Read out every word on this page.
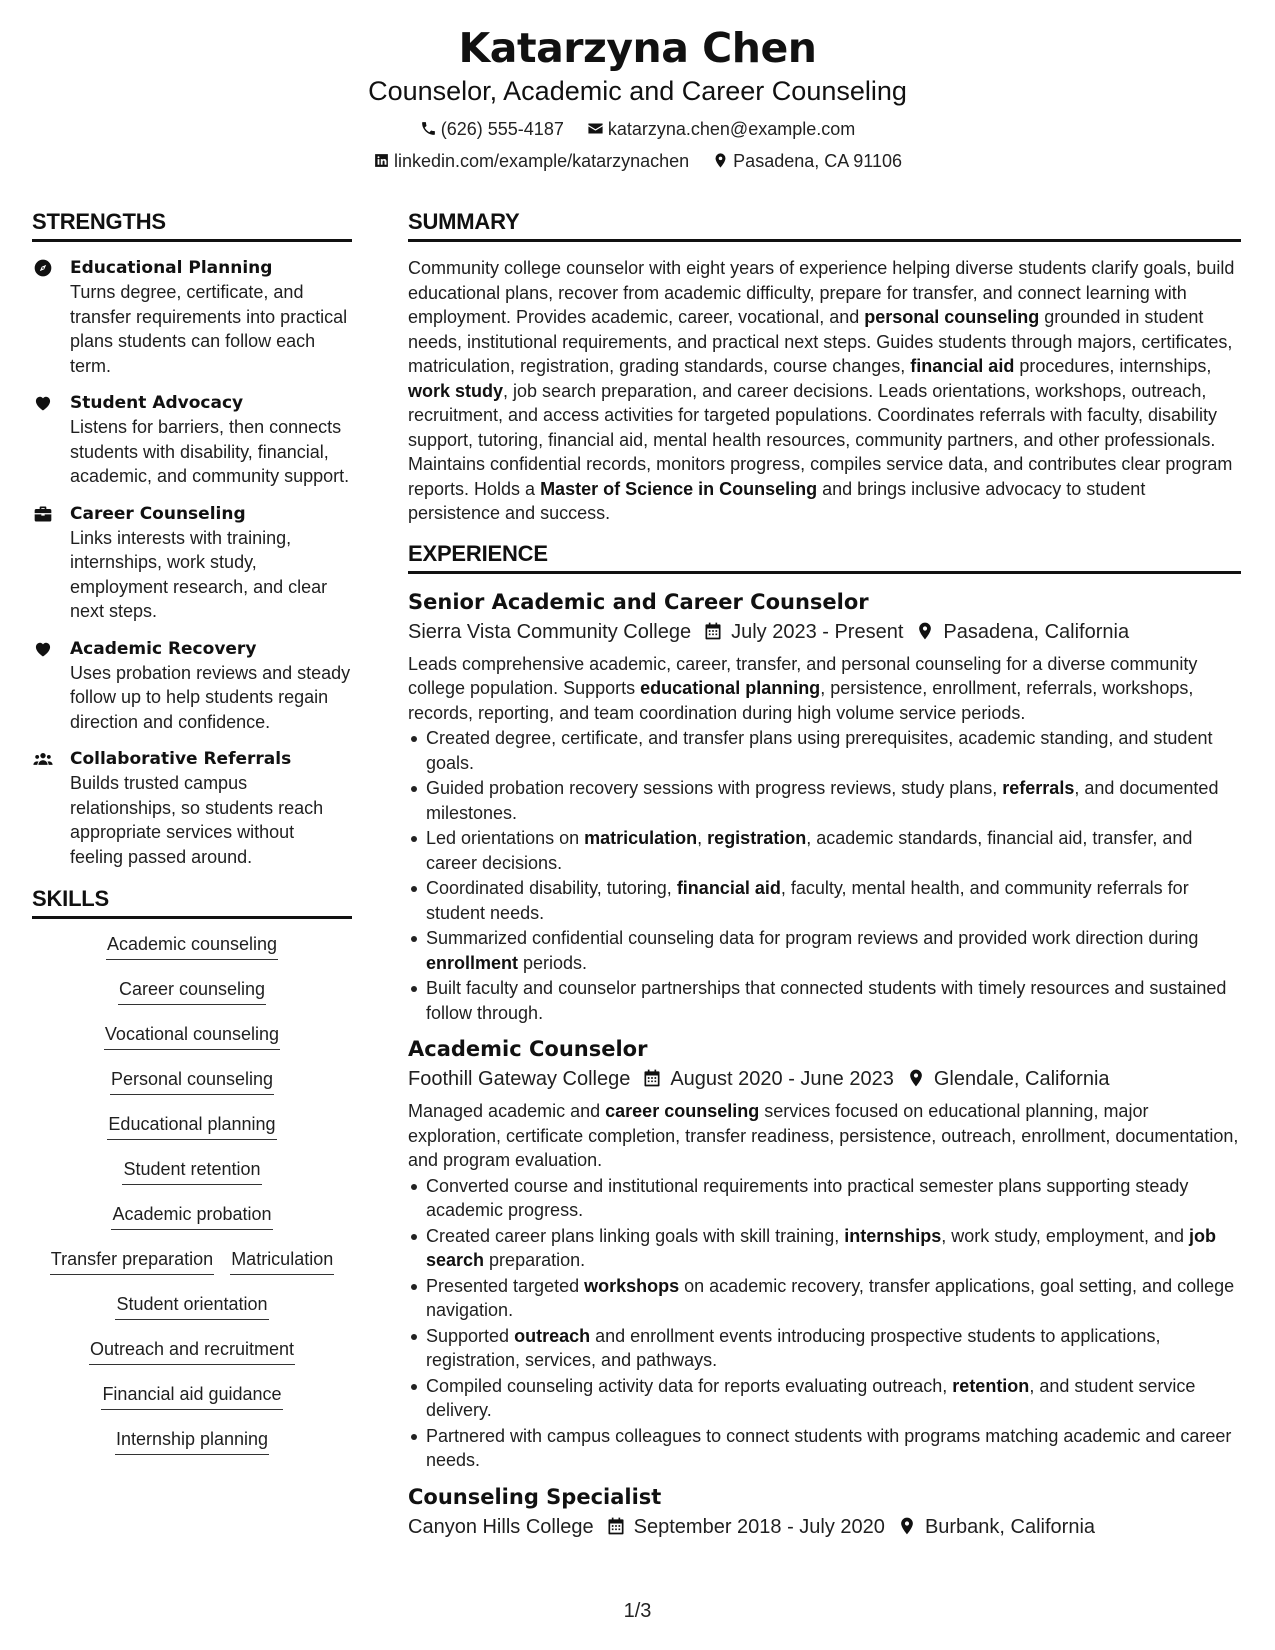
Katarzyna Chen
Counselor, Academic and Career Counseling
(626) 555-4187 katarzyna.chen@example.com
linkedin.com/example/katarzynachen Pasadena, CA 91106
STRENGTHS
Educational Planning
Turns degree, certificate, and transfer requirements into practical plans students can follow each term.
Student Advocacy
Listens for barriers, then connects students with disability, financial, academic, and community support.
Career Counseling
Links interests with training, internships, work study, employment research, and clear next steps.
Academic Recovery
Uses probation reviews and steady follow up to help students regain direction and confidence.
Collaborative Referrals
Builds trusted campus relationships, so students reach appropriate services without feeling passed around.
SKILLS
Academic counseling
Career counseling
Vocational counseling
Personal counseling
Educational planning
Student retention
Academic probation
Transfer preparation Matriculation
Student orientation
Outreach and recruitment
Financial aid guidance
Internship planning
SUMMARY
Community college counselor with eight years of experience helping diverse students clarify goals, build educational plans, recover from academic difficulty, prepare for transfer, and connect learning with employment. Provides academic, career, vocational, and personal counseling grounded in student needs, institutional requirements, and practical next steps. Guides students through majors, certificates, matriculation, registration, grading standards, course changes, financial aid procedures, internships, work study, job search preparation, and career decisions. Leads orientations, workshops, outreach, recruitment, and access activities for targeted populations. Coordinates referrals with faculty, disability support, tutoring, financial aid, mental health resources, community partners, and other professionals. Maintains confidential records, monitors progress, compiles service data, and contributes clear program reports. Holds a Master of Science in Counseling and brings inclusive advocacy to student persistence and success.
EXPERIENCE
Senior Academic and Career Counselor
Sierra Vista Community College July 2023 - Present Pasadena, California
Leads comprehensive academic, career, transfer, and personal counseling for a diverse community college population. Supports educational planning, persistence, enrollment, referrals, workshops, records, reporting, and team coordination during high volume service periods.
Created degree, certificate, and transfer plans using prerequisites, academic standing, and student goals.
Guided probation recovery sessions with progress reviews, study plans, referrals, and documented milestones.
Led orientations on matriculation, registration, academic standards, financial aid, transfer, and career decisions.
Coordinated disability, tutoring, financial aid, faculty, mental health, and community referrals for student needs.
Summarized confidential counseling data for program reviews and provided work direction during enrollment periods.
Built faculty and counselor partnerships that connected students with timely resources and sustained follow through.
Academic Counselor
Foothill Gateway College August 2020 - June 2023 Glendale, California
Managed academic and career counseling services focused on educational planning, major exploration, certificate completion, transfer readiness, persistence, outreach, enrollment, documentation, and program evaluation.
Converted course and institutional requirements into practical semester plans supporting steady academic progress.
Created career plans linking goals with skill training, internships, work study, employment, and job search preparation.
Presented targeted workshops on academic recovery, transfer applications, goal setting, and college navigation.
Supported outreach and enrollment events introducing prospective students to applications, registration, services, and pathways.
Compiled counseling activity data for reports evaluating outreach, retention, and student service delivery.
Partnered with campus colleagues to connect students with programs matching academic and career needs.
Counseling Specialist
Canyon Hills College September 2018 - July 2020 Burbank, California
1/3
